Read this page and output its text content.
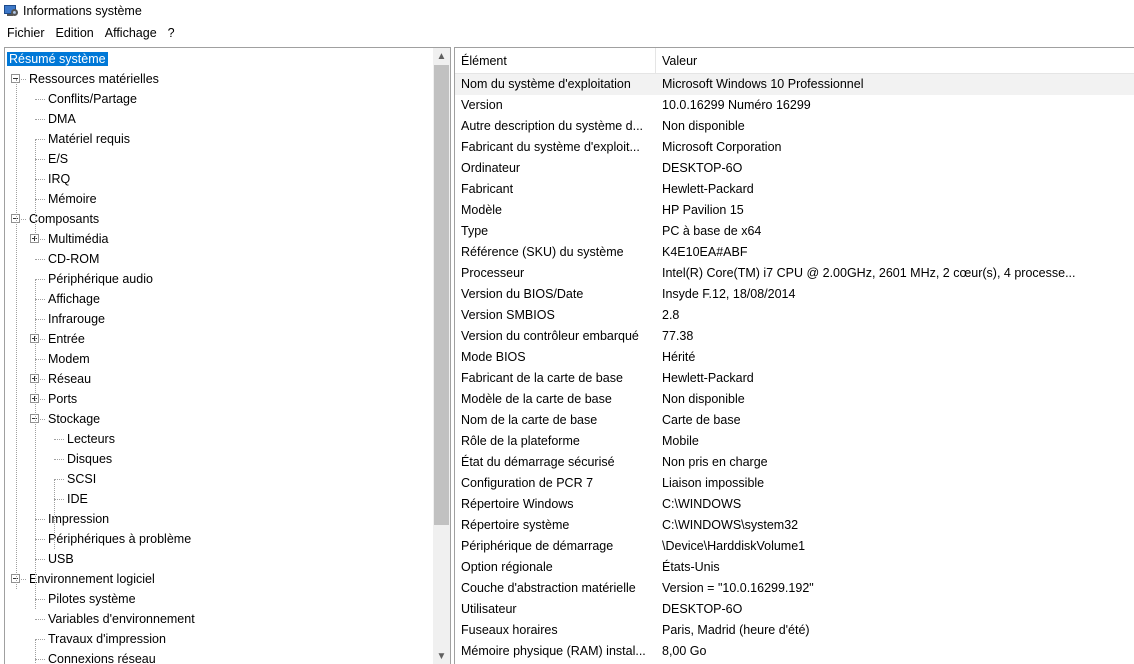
Informations système
Fichier Edition Affichage ?
Résumé système
Ressources matérielles
Conflits/Partage
DMA
Matériel requis
E/S
IRQ
Mémoire
Composants
Multimédia
CD-ROM
Périphérique audio
Affichage
Infrarouge
Entrée
Modem
Réseau
Ports
Stockage
Lecteurs
Disques
SCSI
IDE
Impression
Périphériques à problème
USB
Environnement logiciel
Pilotes système
Variables d'environnement
Travaux d'impression
Connexions réseau
▲
▼
Élément	Valeur
Nom du système d'exploitation	Microsoft Windows 10 Professionnel
Version	10.0.16299 Numéro 16299
Autre description du système d...	Non disponible
Fabricant du système d'exploit...	Microsoft Corporation
Ordinateur	DESKTOP-6O
Fabricant	Hewlett-Packard
Modèle	HP Pavilion 15
Type	PC à base de x64
Référence (SKU) du système	K4E10EA#ABF
Processeur	Intel(R) Core(TM) i7 CPU @ 2.00GHz, 2601 MHz, 2 cœur(s), 4 processe...
Version du BIOS/Date	Insyde F.12, 18/08/2014
Version SMBIOS	2.8
Version du contrôleur embarqué	77.38
Mode BIOS	Hérité
Fabricant de la carte de base	Hewlett-Packard
Modèle de la carte de base	Non disponible
Nom de la carte de base	Carte de base
Rôle de la plateforme	Mobile
État du démarrage sécurisé	Non pris en charge
Configuration de PCR 7	Liaison impossible
Répertoire Windows	C:\WINDOWS
Répertoire système	C:\WINDOWS\system32
Périphérique de démarrage	\Device\HarddiskVolume1
Option régionale	États-Unis
Couche d'abstraction matérielle	Version = "10.0.16299.192"
Utilisateur	DESKTOP-6O
Fuseaux horaires	Paris, Madrid (heure d'été)
Mémoire physique (RAM) instal...	8,00 Go
